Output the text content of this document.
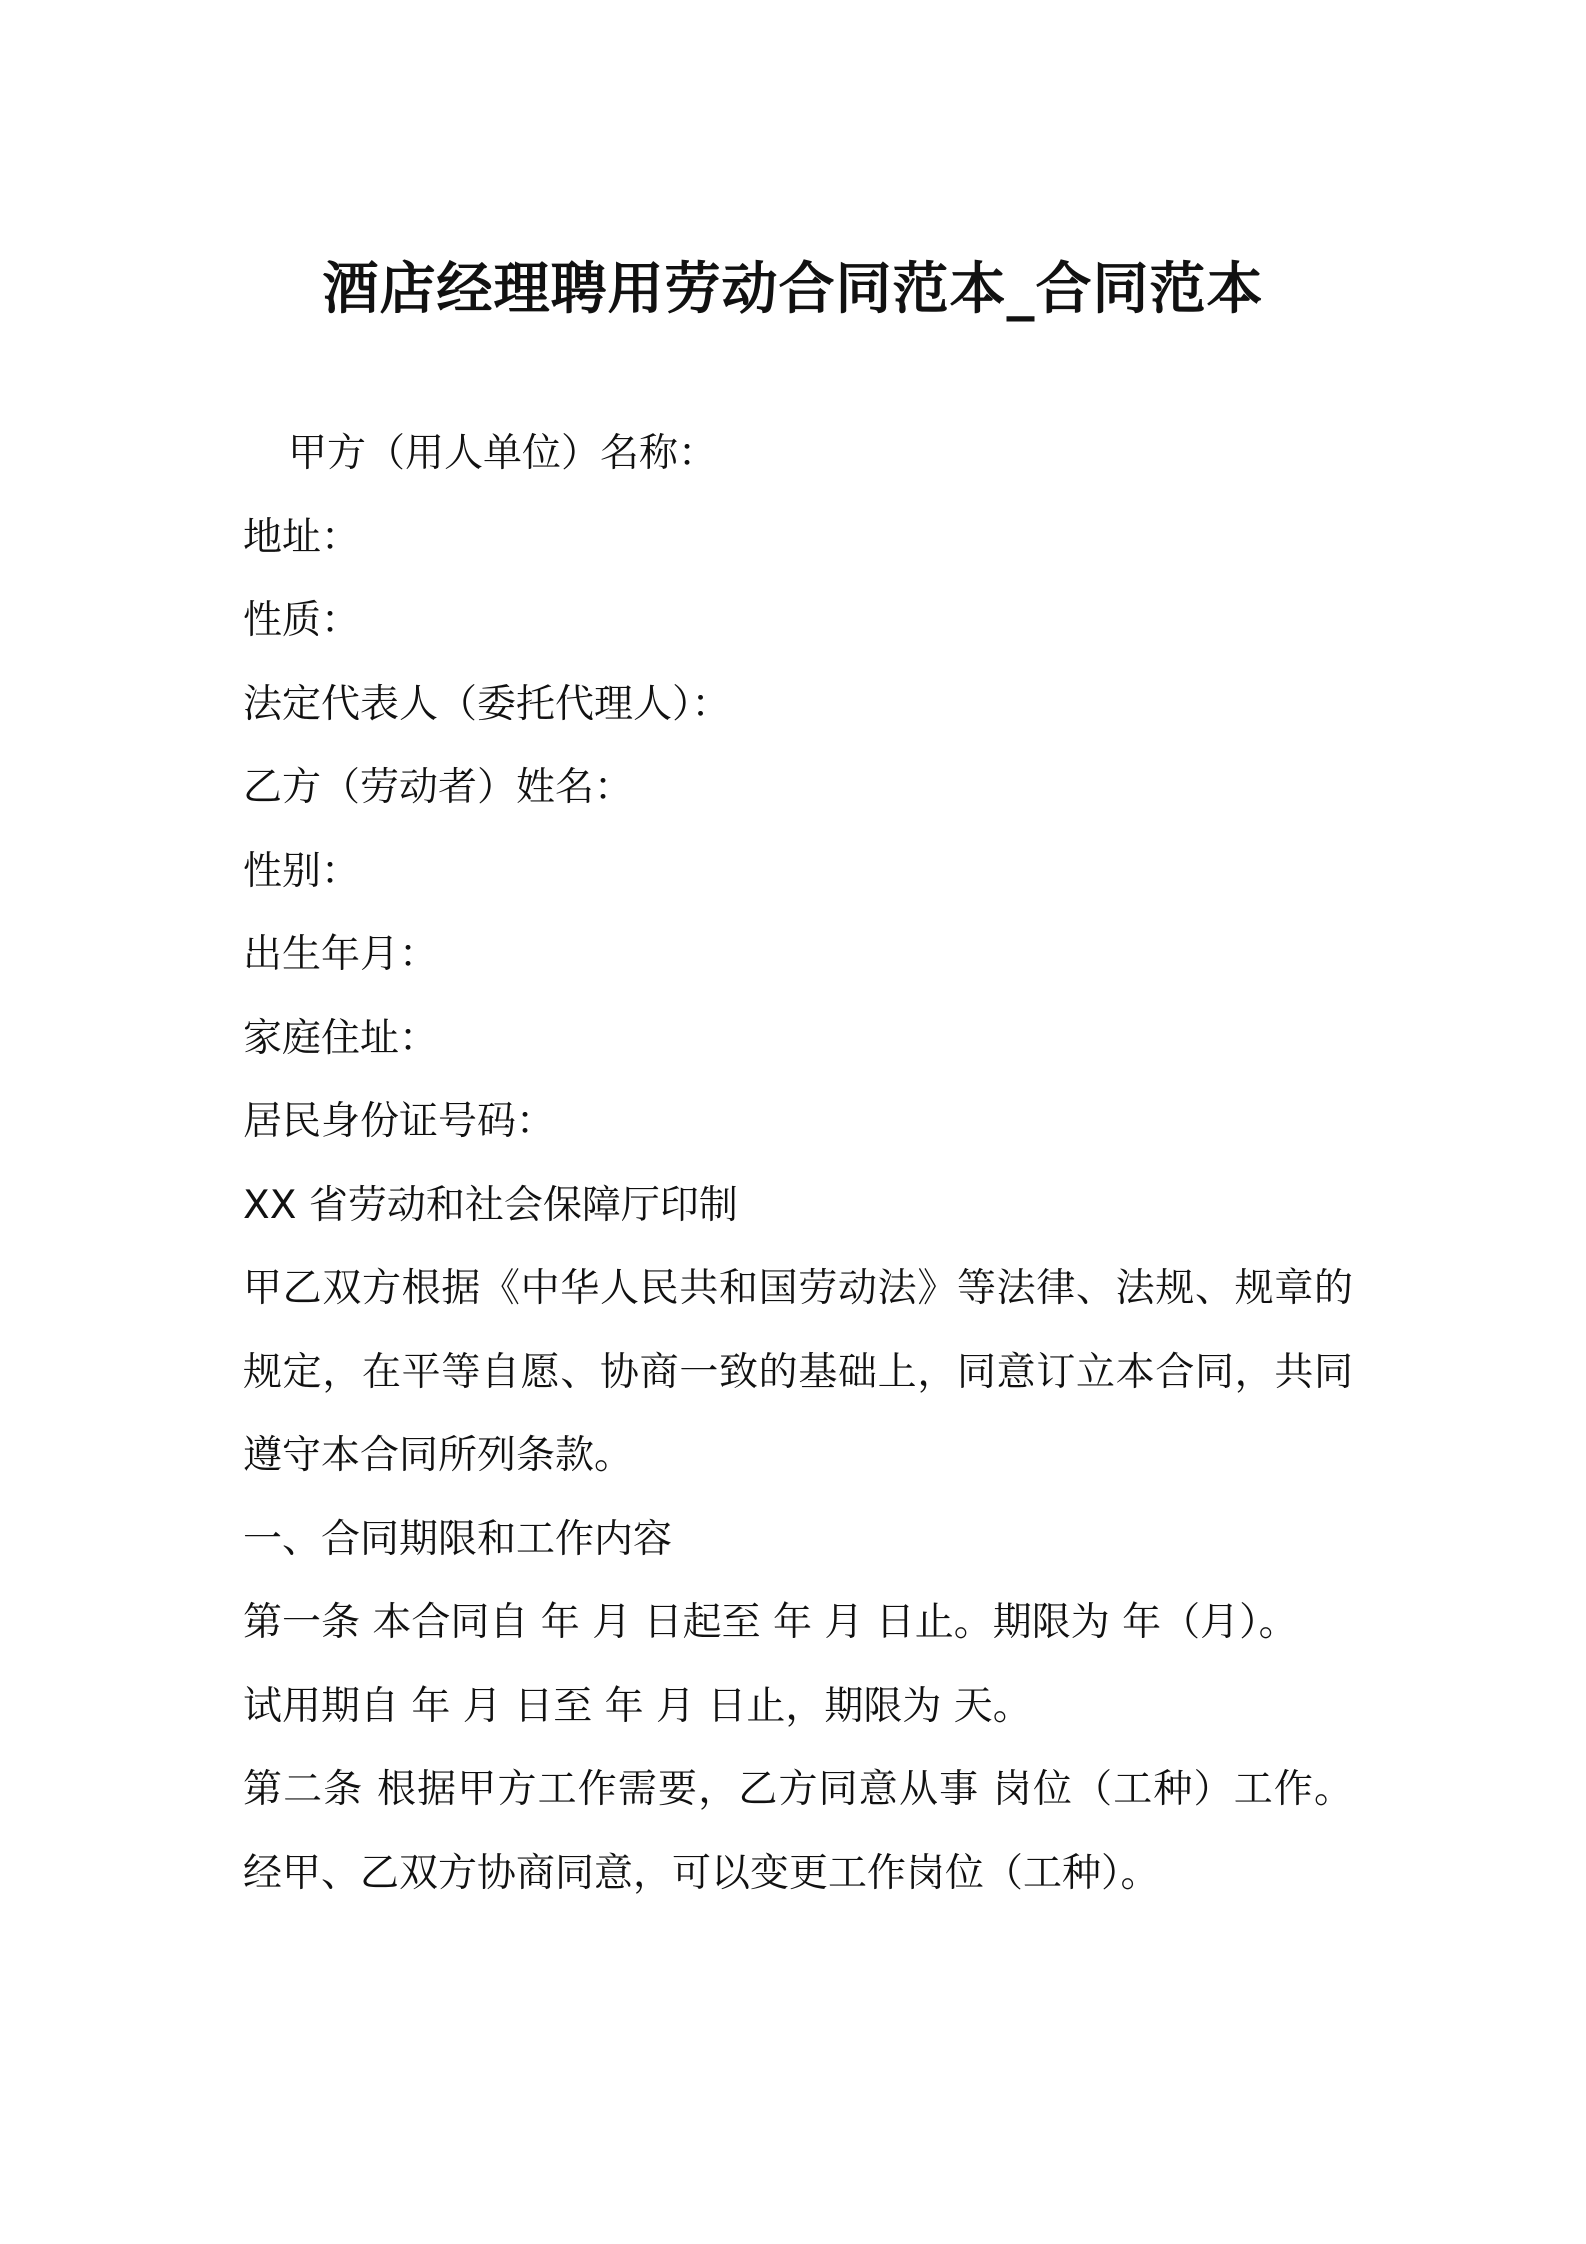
酒店经理聘用劳动合同范本_合同范本
甲方（用人单位）名称：
地址：
性质：
法定代表人（委托代理人）：
乙方（劳动者）姓名：
性别：
出生年月：
家庭住址：
居民身份证号码：
XX 省劳动和社会保障厅印制
甲乙双方根据《中华人民共和国劳动法》等法律、法规、规章的规定，在平等自愿、协商一致的基础上，同意订立本合同，共同遵守本合同所列条款。
一、合同期限和工作内容
第一条 本合同自 年 月 日起至 年 月 日止。期限为 年（月）。
试用期自 年 月 日至 年 月 日止，期限为 天。
第二条 根据甲方工作需要，乙方同意从事 岗位（工种）工作。经甲、乙双方协商同意，可以变更工作岗位（工种）。
